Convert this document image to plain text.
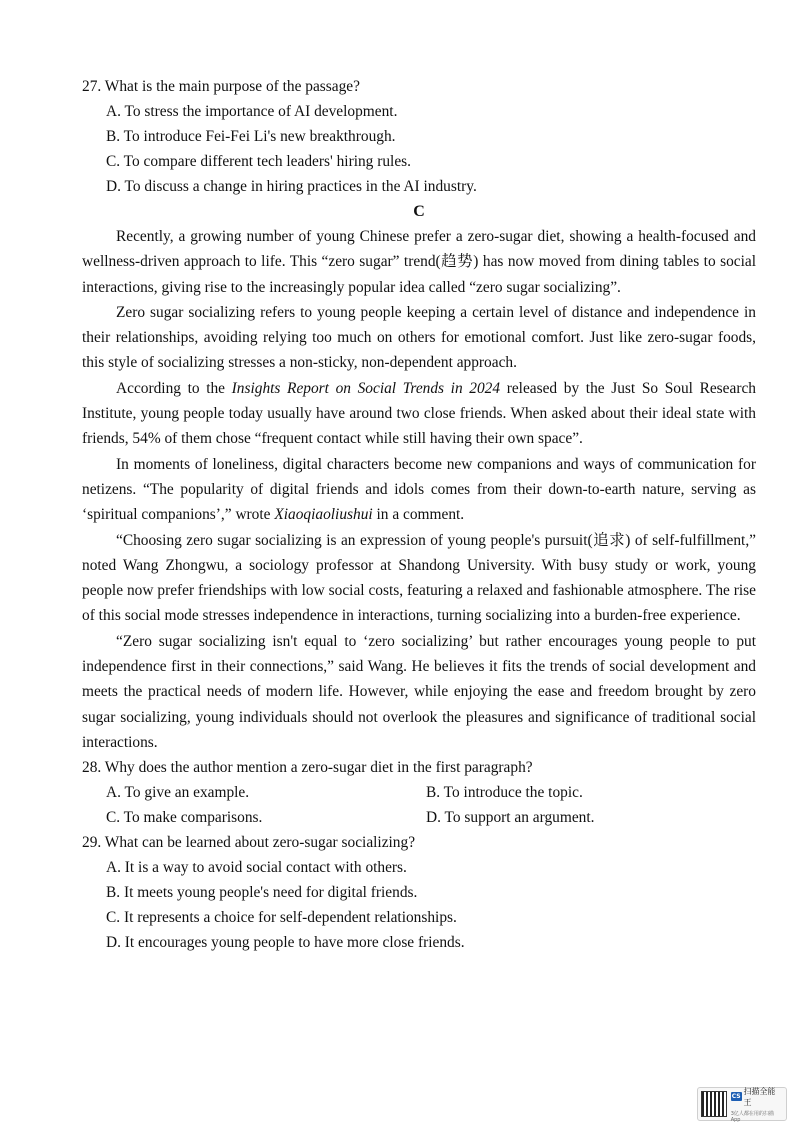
27. What is the main purpose of the passage?

A. To stress the importance of AI development.

B. To introduce Fei-Fei Li's new breakthrough.

C. To compare different tech leaders' hiring rules.

D. To discuss a change in hiring practices in the AI industry.

C

Recently, a growing number of young Chinese prefer a zero-sugar diet, showing a health-focused and wellness-driven approach to life. This “zero sugar” trend(趋势) has now moved from dining tables to social interactions, giving rise to the increasingly popular idea called “zero sugar socializing”.

Zero sugar socializing refers to young people keeping a certain level of distance and independence in their relationships, avoiding relying too much on others for emotional comfort. Just like zero-sugar foods, this style of socializing stresses a non-sticky, non-dependent approach.

According to the Insights Report on Social Trends in 2024 released by the Just So Soul Research Institute, young people today usually have around two close friends. When asked about their ideal state with friends, 54% of them chose “frequent contact while still having their own space”.

In moments of loneliness, digital characters become new companions and ways of communication for netizens. “The popularity of digital friends and idols comes from their down-to-earth nature, serving as ‘spiritual companions’,” wrote Xiaoqiaoliushui in a comment.

“Choosing zero sugar socializing is an expression of young people's pursuit(追求) of self-fulfillment,” noted Wang Zhongwu, a sociology professor at Shandong University. With busy study or work, young people now prefer friendships with low social costs, featuring a relaxed and fashionable atmosphere. The rise of this social mode stresses independence in interactions, turning socializing into a burden-free experience.

“Zero sugar socializing isn't equal to ‘zero socializing’ but rather encourages young people to put independence first in their connections,” said Wang. He believes it fits the trends of social development and meets the practical needs of modern life. However, while enjoying the ease and freedom brought by zero sugar socializing, young individuals should not overlook the pleasures and significance of traditional social interactions.

28. Why does the author mention a zero-sugar diet in the first paragraph?

A. To give an example.	B. To introduce the topic.
C. To make comparisons.	D. To support an argument.

29. What can be learned about zero-sugar socializing?

A. It is a way to avoid social contact with others.

B. It meets young people's need for digital friends.

C. It represents a choice for self-dependent relationships.

D. It encourages young people to have more close friends.

CS
扫描全能王
3亿人都在用的扫描App
